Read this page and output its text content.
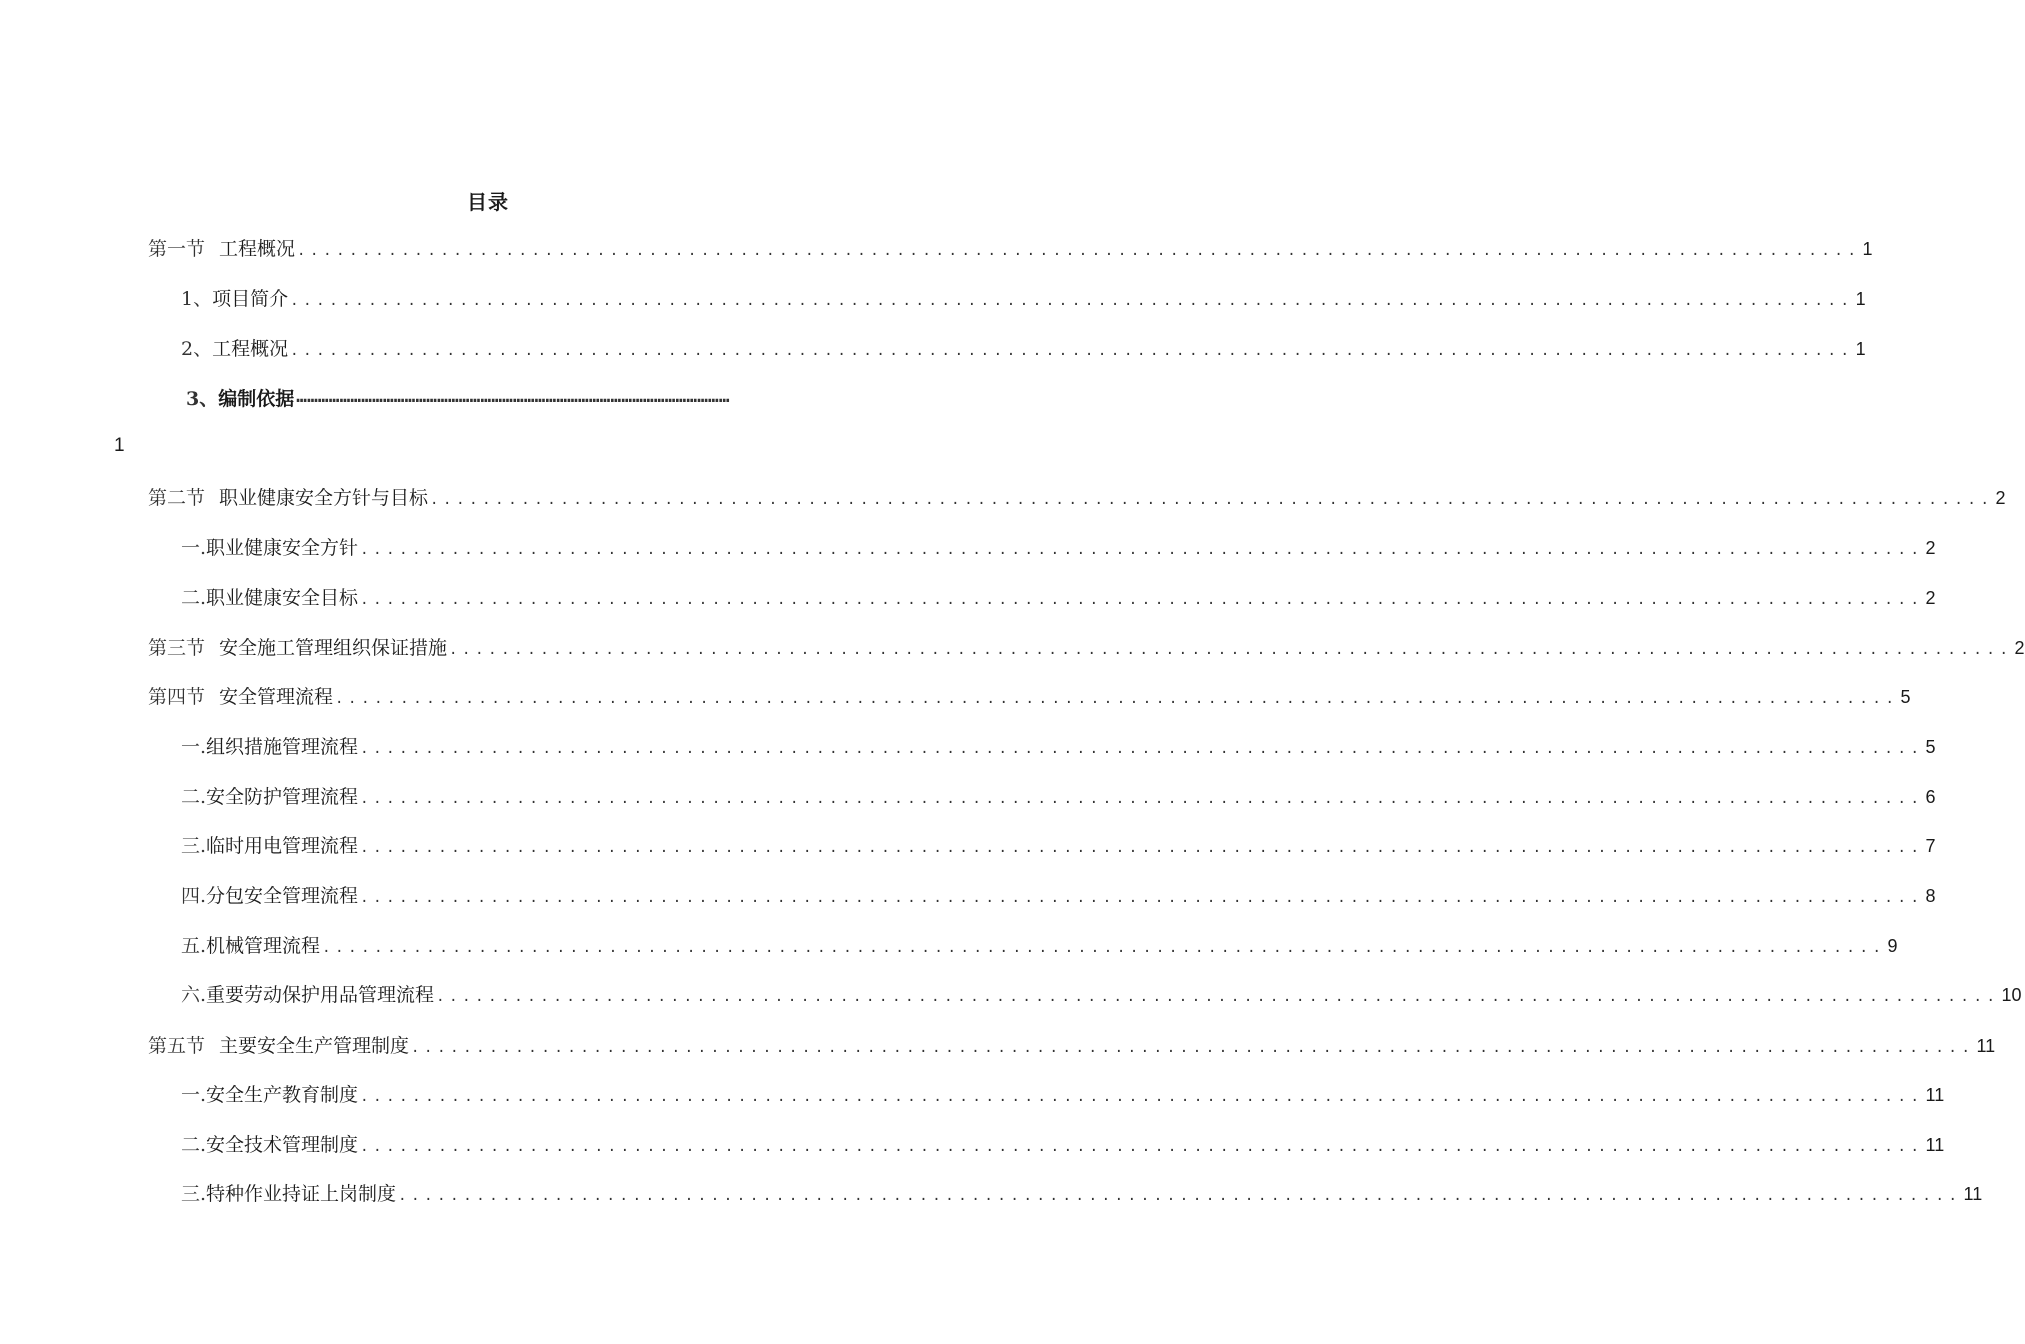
目录
第一节 工程概况 ........................................................................................................................ 1
1、项目简介 ........................................................................................................................ 1
2、工程概况 ........................................................................................................................ 1
3、编制依据 ⋯⋯⋯⋯⋯⋯⋯⋯⋯⋯⋯⋯⋯⋯⋯⋯⋯⋯⋯⋯⋯⋯⋯⋯⋯⋯⋯⋯⋯⋯⋯⋯⋯⋯⋯⋯⋯⋯⋯⋯
1
第二节 职业健康安全方针与目标 ........................................................................................................................ 2
一.职业健康安全方针 ........................................................................................................................ 2
二.职业健康安全目标 ........................................................................................................................ 2
第三节 安全施工管理组织保证措施 ........................................................................................................................ 2
第四节 安全管理流程 ........................................................................................................................ 5
一.组织措施管理流程 ........................................................................................................................ 5
二.安全防护管理流程 ........................................................................................................................ 6
三.临时用电管理流程 ........................................................................................................................ 7
四.分包安全管理流程 ........................................................................................................................ 8
五.机械管理流程 ........................................................................................................................ 9
六.重要劳动保护用品管理流程 ........................................................................................................................ 10
第五节 主要安全生产管理制度 ........................................................................................................................ 11
一.安全生产教育制度 ........................................................................................................................ 11
二.安全技术管理制度 ........................................................................................................................ 11
三.特种作业持证上岗制度 ........................................................................................................................ 11
